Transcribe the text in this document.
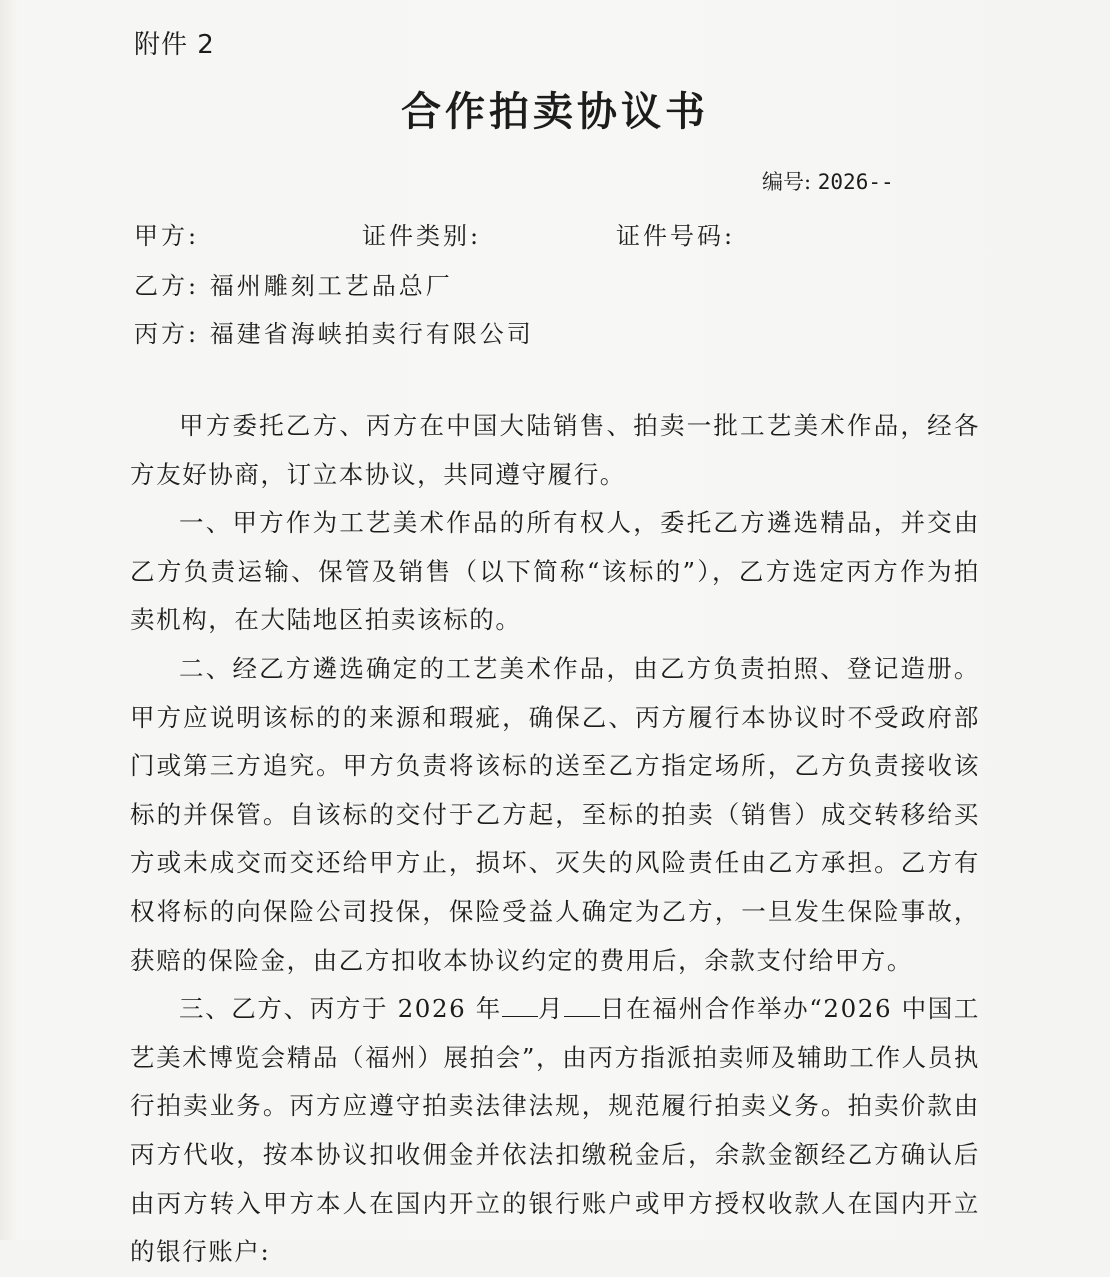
附件 2
合作拍卖协议书
编号: 2026--
甲方:	证件类别:	证件号码:
乙方: 福州雕刻工艺品总厂
丙方: 福建省海峡拍卖行有限公司

甲方委托乙方、丙方在中国大陆销售、拍卖一批工艺美术作品，经各方友好协商，订立本协议，共同遵守履行。

一、甲方作为工艺美术作品的所有权人，委托乙方遴选精品，并交由乙方负责运输、保管及销售（以下简称“该标的”），乙方选定丙方作为拍卖机构，在大陆地区拍卖该标的。

二、经乙方遴选确定的工艺美术作品，由乙方负责拍照、登记造册。甲方应说明该标的的来源和瑕疵，确保乙、丙方履行本协议时不受政府部门或第三方追究。甲方负责将该标的送至乙方指定场所，乙方负责接收该标的并保管。自该标的交付于乙方起，至标的拍卖（销售）成交转移给买方或未成交而交还给甲方止，损坏、灭失的风险责任由乙方承担。乙方有权将标的向保险公司投保，保险受益人确定为乙方，一旦发生保险事故，获赔的保险金，由乙方扣收本协议约定的费用后，余款支付给甲方。

三、乙方、丙方于 2026 年 月 日在福州合作举办“2026 中国工艺美术博览会精品（福州）展拍会”，由丙方指派拍卖师及辅助工作人员执行拍卖业务。丙方应遵守拍卖法律法规，规范履行拍卖义务。拍卖价款由丙方代收，按本协议扣收佣金并依法扣缴税金后，余款金额经乙方确认后由丙方转入甲方本人在国内开立的银行账户或甲方授权收款人在国内开立的银行账户:
